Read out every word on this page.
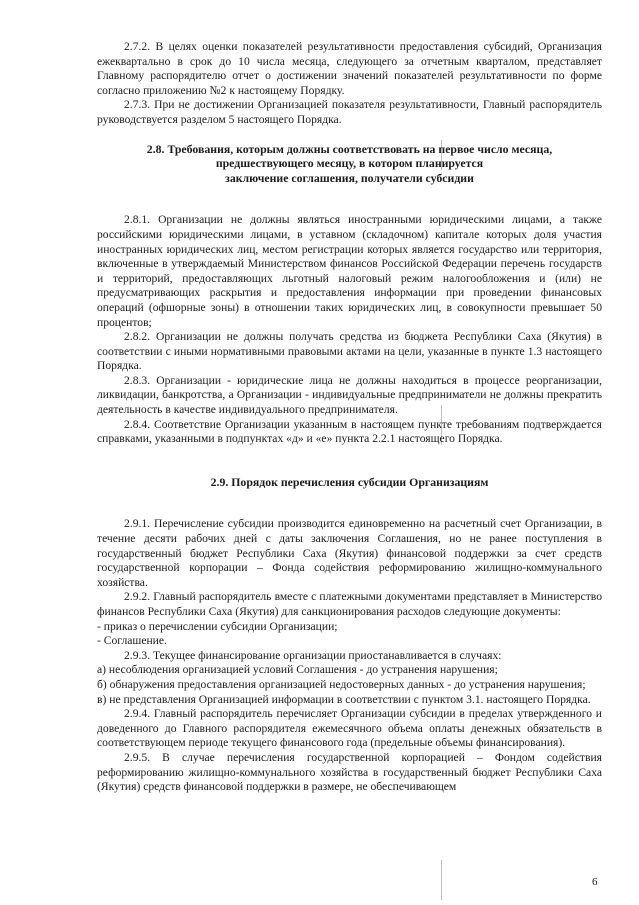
2.7.2. В целях оценки показателей результативности предоставления субсидий, Организация ежеквартально в срок до 10 числа месяца, следующего за отчетным кварталом, представляет Главному распорядителю отчет о достижении значений показателей результативности по форме согласно приложению №2 к настоящему Порядку.

2.7.3. При не достижении Организацией показателя результативности, Главный распорядитель руководствуется разделом 5 настоящего Порядка.

2.8. Требования, которым должны соответствовать на первое число месяца,

предшествующего месяцу, в котором планируется

заключение соглашения, получатели субсидии

2.8.1. Организации не должны являться иностранными юридическими лицами, а также российскими юридическими лицами, в уставном (складочном) капитале которых доля участия иностранных юридических лиц, местом регистрации которых является государство или территория, включенные в утверждаемый Министерством финансов Российской Федерации перечень государств и территорий, предоставляющих льготный налоговый режим налогообложения и (или) не предусматривающих раскрытия и предоставления информации при проведении финансовых операций (офшорные зоны) в отношении таких юридических лиц, в совокупности превышает 50 процентов;

2.8.2. Организации не должны получать средства из бюджета Республики Саха (Якутия) в соответствии с иными нормативными правовыми актами на цели, указанные в пункте 1.3 настоящего Порядка.

2.8.3. Организации - юридические лица не должны находиться в процессе реорганизации, ликвидации, банкротства, а Организации - индивидуальные предприниматели не должны прекратить деятельность в качестве индивидуального предпринимателя.

2.8.4. Соответствие Организации указанным в настоящем пункте требованиям подтверждается справками, указанными в подпунктах «д» и «е» пункта 2.2.1 настоящего Порядка.

2.9. Порядок перечисления субсидии Организациям

2.9.1. Перечисление субсидии производится единовременно на расчетный счет Организации, в течение десяти рабочих дней с даты заключения Соглашения, но не ранее поступления в государственный бюджет Республики Саха (Якутия) финансовой поддержки за счет средств государственной корпорации – Фонда содействия реформированию жилищно-коммунального хозяйства.

2.9.2. Главный распорядитель вместе с платежными документами представляет в Министерство финансов Республики Саха (Якутия) для санкционирования расходов следующие документы:

- приказ о перечислении субсидии Организации;

- Соглашение.

2.9.3. Текущее финансирование организации приостанавливается в случаях:

а) несоблюдения организацией условий Соглашения - до устранения нарушения;

б) обнаружения предоставления организацией недостоверных данных - до устранения нарушения;

в) не представления Организацией информации в соответствии с пунктом 3.1. настоящего Порядка.

2.9.4. Главный распорядитель перечисляет Организации субсидии в пределах утвержденного и доведенного до Главного распорядителя ежемесячного объема оплаты денежных обязательств в соответствующем периоде текущего финансового года (предельные объемы финансирования).

2.9.5. В случае перечисления государственной корпорацией – Фондом содействия реформированию жилищно-коммунального хозяйства в государственный бюджет Республики Саха (Якутия) средств финансовой поддержки в размере, не обеспечивающем

6
